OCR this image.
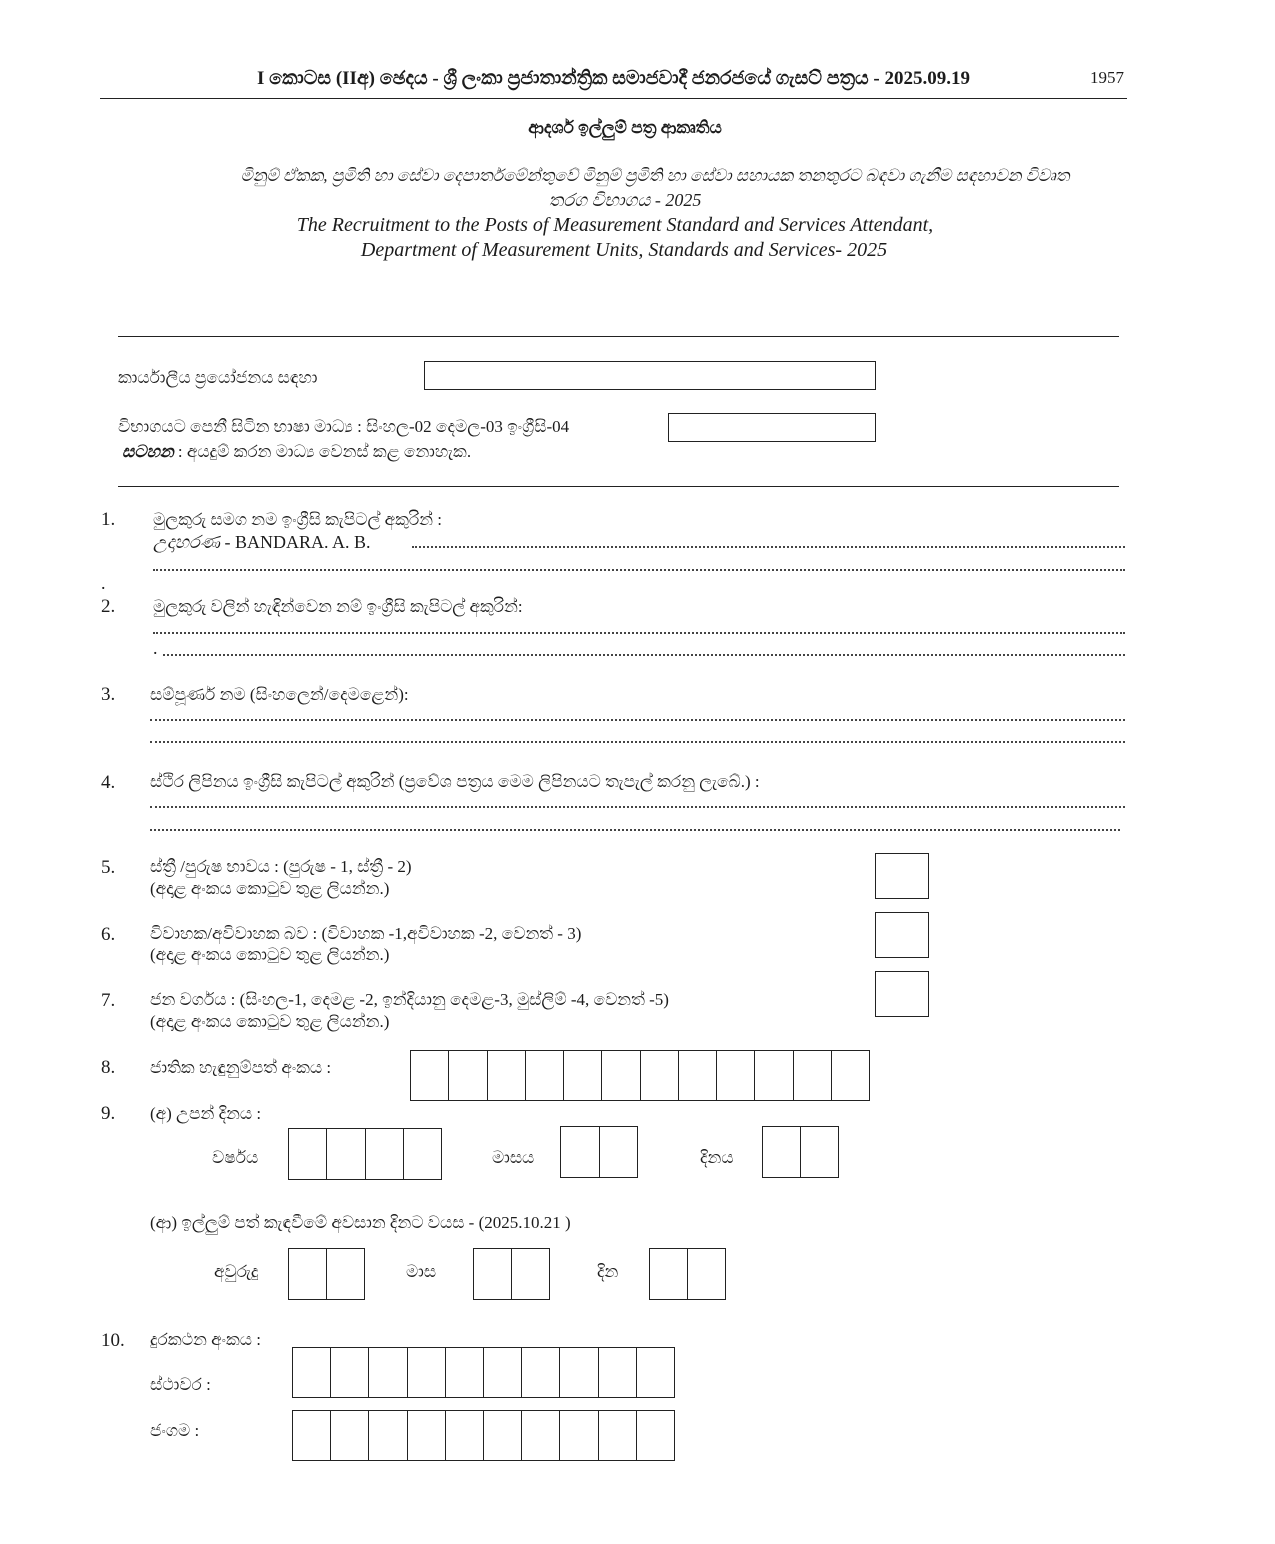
I කොටස (IIඅ) ඡෙදය - ශ්‍රී ලංකා ප්‍රජාතාන්ත්‍රික සමාජවාදී ජනරජයේ ගැසට් පත්‍රය - 2025.09.19	1957
ආදර්ශ ඉල්ලුම් පත්‍ර ආකෘතිය
මිනුම් ඒකක, ප්‍රමිති හා සේවා දෙපාර්තමේන්තුවේ මිනුම් ප්‍රමිති හා සේවා සහායක තනතුරට බඳවා ගැනීම සඳහාවන විවෘත
තරග විභාගය - 2025
The Recruitment to the Posts of Measurement Standard and Services Attendant,
Department of Measurement Units, Standards and Services- 2025
කාර්යාලීය ප්‍රයෝජනය සඳහා
විභාගයට පෙනී සිටින භාෂා මාධ්‍ය : සිංහල-02 දෙමල-03 ඉංග්‍රීසි-04
සටහන : අයදුම් කරන මාධ්‍ය වෙනස් කළ නොහැක.
1. මුලකුරු සමග නම ඉංග්‍රීසි කැපිටල් අකුරින් :
උදාහරණ - BANDARA. A. B.
.
2. මුලකුරු වලින් හැඳින්වෙන නම් ඉංග්‍රීසි කැපිටල් අකුරින්:
.
3. සම්පූර්ණ නම (සිංහලෙන්/දෙමළෙන්):
4. ස්ථිර ලිපිනය ඉංග්‍රීසි කැපිටල් අකුරින් (ප්‍රවේශ පත්‍රය මෙම ලිපිනයට තැපැල් කරනු ලැබේ.) :
5. ස්ත්‍රී /පුරුෂ භාවය : (පුරුෂ - 1, ස්ත්‍රී - 2)
(අදාළ අංකය කොටුව තුළ ලියන්න.)
6. විවාහක/අවිවාහක බව : (විවාහක -1,අවිවාහක -2, වෙනත් - 3)
(අදාළ අංකය කොටුව තුළ ලියන්න.)
7. ජන වර්ගය : (සිංහල-1, දෙමළ -2, ඉන්දියානු දෙමළ-3, මුස්ලිම් -4, වෙනත් -5)
(අදාළ අංකය කොටුව තුළ ලියන්න.)
8. ජාතික හැඳුනුම්පත් අංකය :
9. (අ) උපන් දිනය :
වර්ෂය	මාසය	දිනය
(ආ) ඉල්ලුම් පත් කැඳවීමේ අවසාන දිනට වයස - (2025.10.21 )
අවුරුදු	මාස	දින
10. දුරකථන අංකය :
ස්ථාවර :
ජංගම :
